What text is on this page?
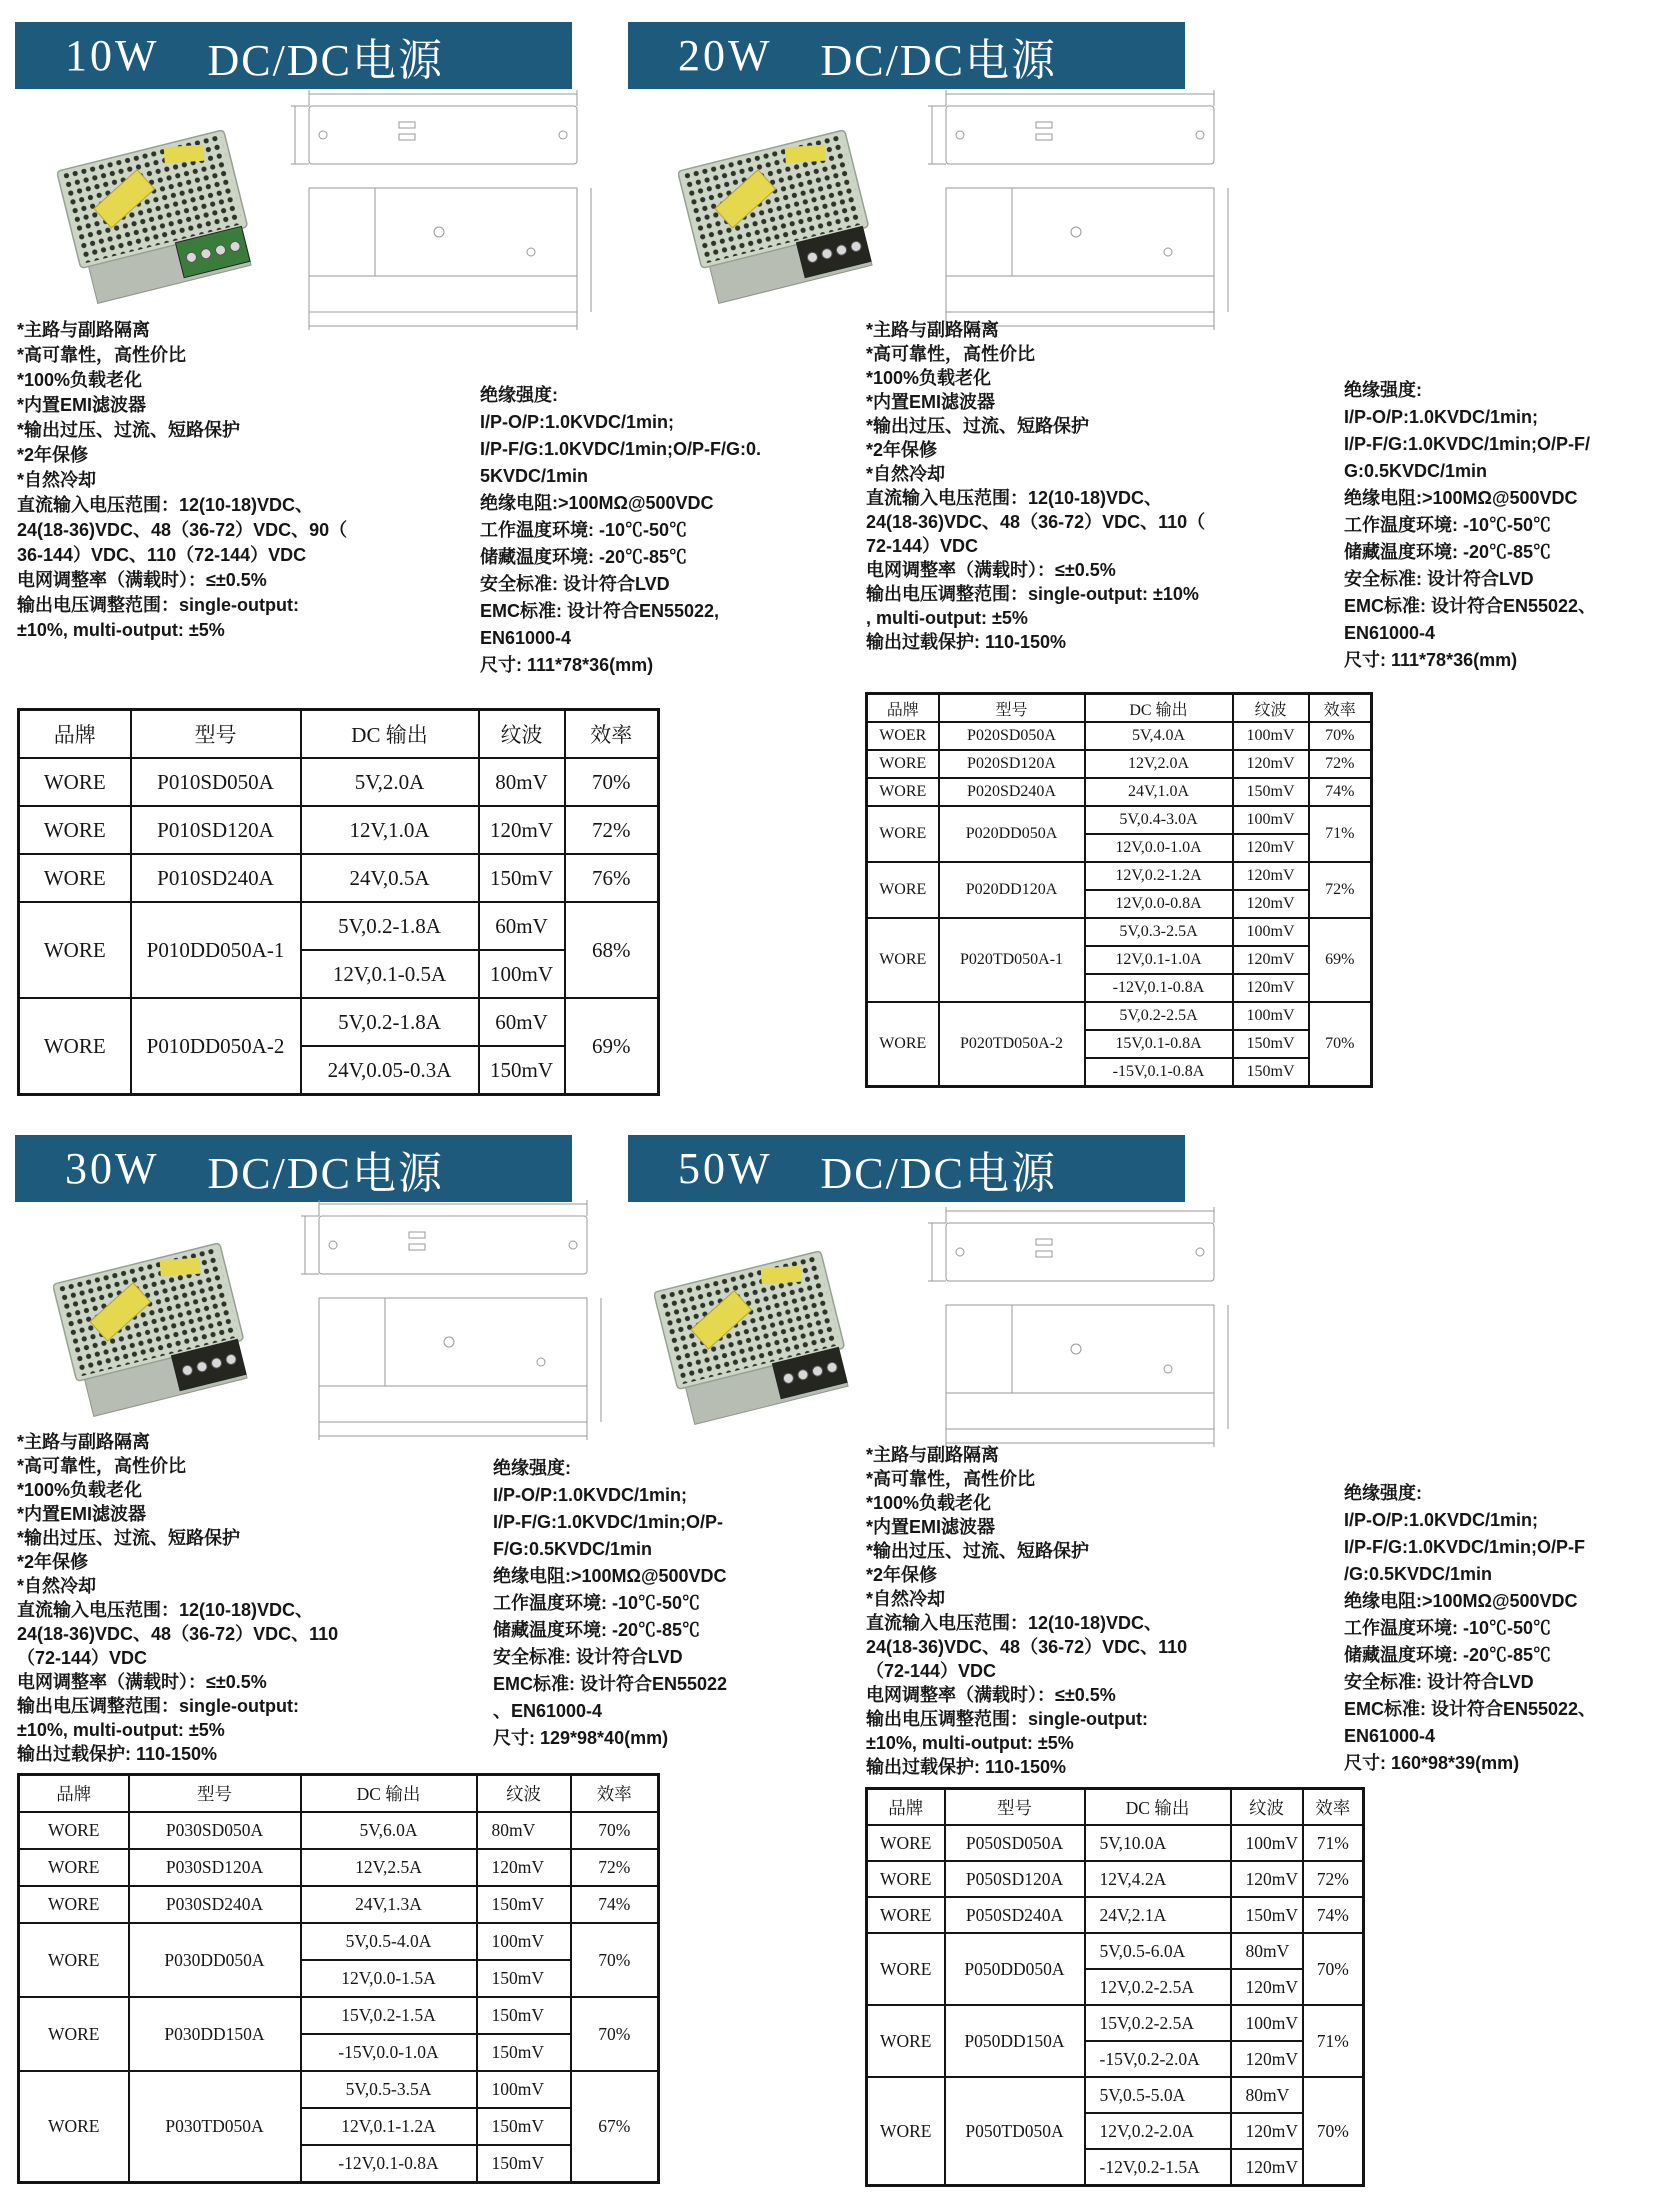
10W DC/DC电源
*主路与副路隔离
*高可靠性，高性价比
*100%负载老化
*内置EMI滤波器
*输出过压、过流、短路保护
*2年保修
*自然冷却
直流输入电压范围：12(10-18)VDC、
24(18-36)VDC、48（36-72）VDC、90（
36-144）VDC、110（72-144）VDC
电网调整率（满载时）：≤±0.5%
输出电压调整范围：single-output:
±10%, multi-output: ±5%
绝缘强度:
I/P-O/P:1.0KVDC/1min;
I/P-F/G:1.0KVDC/1min;O/P-F/G:0.
5KVDC/1min
绝缘电阻:>100MΩ@500VDC
工作温度环境: -10℃-50℃
储藏温度环境: -20℃-85℃
安全标准: 设计符合LVD
EMC标准: 设计符合EN55022,
EN61000-4
尺寸: 111*78*36(mm)
品牌	型号	DC 输出	纹波	效率
WORE	P010SD050A	5V,2.0A	80mV	70%
WORE	P010SD120A	12V,1.0A	120mV	72%
WORE	P010SD240A	24V,0.5A	150mV	76%
WORE	P010DD050A-1	5V,0.2-1.8A	60mV	68%
		12V,0.1-0.5A	100mV	
WORE	P010DD050A-2	5V,0.2-1.8A	60mV	69%
		24V,0.05-0.3A	150mV	
20W DC/DC电源
*主路与副路隔离
*高可靠性，高性价比
*100%负载老化
*内置EMI滤波器
*输出过压、过流、短路保护
*2年保修
*自然冷却
直流输入电压范围：12(10-18)VDC、
24(18-36)VDC、48（36-72）VDC、110（
72-144）VDC
电网调整率（满载时）：≤±0.5%
输出电压调整范围：single-output: ±10%
, multi-output: ±5%
输出过载保护: 110-150%
绝缘强度:
I/P-O/P:1.0KVDC/1min;
I/P-F/G:1.0KVDC/1min;O/P-F/
G:0.5KVDC/1min
绝缘电阻:>100MΩ@500VDC
工作温度环境: -10℃-50℃
储藏温度环境: -20℃-85℃
安全标准: 设计符合LVD
EMC标准: 设计符合EN55022、
EN61000-4
尺寸: 111*78*36(mm)
品牌	型号	DC 输出	纹波	效率
WOER	P020SD050A	5V,4.0A	100mV	70%
WORE	P020SD120A	12V,2.0A	120mV	72%
WORE	P020SD240A	24V,1.0A	150mV	74%
WORE	P020DD050A	5V,0.4-3.0A	100mV	71%
		12V,0.0-1.0A	120mV	
WORE	P020DD120A	12V,0.2-1.2A	120mV	72%
		12V,0.0-0.8A	120mV	
WORE	P020TD050A-1	5V,0.3-2.5A	100mV	69%
		12V,0.1-1.0A	120mV	
		-12V,0.1-0.8A	120mV	
WORE	P020TD050A-2	5V,0.2-2.5A	100mV	70%
		15V,0.1-0.8A	150mV	
		-15V,0.1-0.8A	150mV	
30W DC/DC电源
*主路与副路隔离
*高可靠性，高性价比
*100%负载老化
*内置EMI滤波器
*输出过压、过流、短路保护
*2年保修
*自然冷却
直流输入电压范围：12(10-18)VDC、
24(18-36)VDC、48（36-72）VDC、110
（72-144）VDC
电网调整率（满载时）：≤±0.5%
输出电压调整范围：single-output:
±10%, multi-output: ±5%
输出过载保护: 110-150%
绝缘强度:
I/P-O/P:1.0KVDC/1min;
I/P-F/G:1.0KVDC/1min;O/P-
F/G:0.5KVDC/1min
绝缘电阻:>100MΩ@500VDC
工作温度环境: -10℃-50℃
储藏温度环境: -20℃-85℃
安全标准: 设计符合LVD
EMC标准: 设计符合EN55022
、EN61000-4
尺寸: 129*98*40(mm)
品牌	型号	DC 输出	纹波	效率
WORE	P030SD050A	5V,6.0A	80mV	70%
WORE	P030SD120A	12V,2.5A	120mV	72%
WORE	P030SD240A	24V,1.3A	150mV	74%
WORE	P030DD050A	5V,0.5-4.0A	100mV	70%
		12V,0.0-1.5A	150mV	
WORE	P030DD150A	15V,0.2-1.5A	150mV	70%
		-15V,0.0-1.0A	150mV	
WORE	P030TD050A	5V,0.5-3.5A	100mV	67%
		12V,0.1-1.2A	150mV	
		-12V,0.1-0.8A	150mV	
50W DC/DC电源
*主路与副路隔离
*高可靠性，高性价比
*100%负载老化
*内置EMI滤波器
*输出过压、过流、短路保护
*2年保修
*自然冷却
直流输入电压范围：12(10-18)VDC、
24(18-36)VDC、48（36-72）VDC、110
（72-144）VDC
电网调整率（满载时）：≤±0.5%
输出电压调整范围：single-output:
±10%, multi-output: ±5%
输出过载保护: 110-150%
绝缘强度:
I/P-O/P:1.0KVDC/1min;
I/P-F/G:1.0KVDC/1min;O/P-F
/G:0.5KVDC/1min
绝缘电阻:>100MΩ@500VDC
工作温度环境: -10℃-50℃
储藏温度环境: -20℃-85℃
安全标准: 设计符合LVD
EMC标准: 设计符合EN55022、
EN61000-4
尺寸: 160*98*39(mm)
品牌	型号	DC 输出	纹波	效率
WORE	P050SD050A	5V,10.0A	100mV	71%
WORE	P050SD120A	12V,4.2A	120mV	72%
WORE	P050SD240A	24V,2.1A	150mV	74%
WORE	P050DD050A	5V,0.5-6.0A	80mV	70%
		12V,0.2-2.5A	120mV	
WORE	P050DD150A	15V,0.2-2.5A	100mV	71%
		-15V,0.2-2.0A	120mV	
WORE	P050TD050A	5V,0.5-5.0A	80mV	70%
		12V,0.2-2.0A	120mV	
		-12V,0.2-1.5A	120mV	
